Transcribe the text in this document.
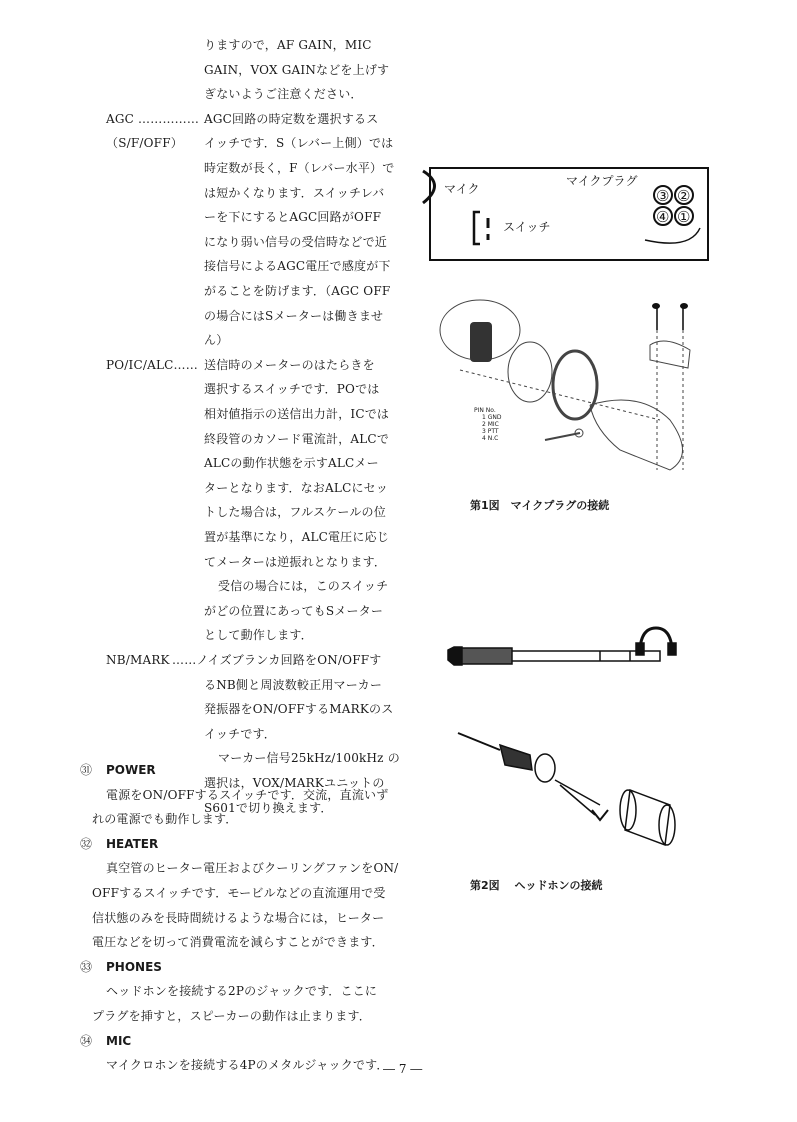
りますので，AF GAIN，MIC
GAIN，VOX GAINなどを上げす
ぎないようご注意ください．
AGC ……………
（S/F/OFF）
AGC回路の時定数を選択するス
イッチです．S（レバー上側）では
時定数が長く，F（レバー水平）で
は短かくなります．スイッチレバ
ーを下にするとAGC回路がOFF
になり弱い信号の受信時などで近
接信号によるAGC電圧で感度が下
がることを防げます．（AGC OFF
の場合にはSメーターは働きませ
ん）
PO/IC/ALC…… 送信時のメーターのはたらきを
選択するスイッチです．POでは
相対値指示の送信出力計，ICでは
終段管のカソード電流計，ALCで
ALCの動作状態を示すALCメー
ターとなります．なおALCにセッ
トした場合は，フルスケールの位
置が基準になり，ALC電圧に応じ
てメーターは逆振れとなります．
受信の場合には，このスイッチ
がどの位置にあってもSメーター
として動作します．
NB/MARK ……ノイズブランカ回路をON/OFFす
るNB側と周波数較正用マーカー
発振器をON/OFFするMARKのス
イッチです．
マーカー信号25kHz/100kHz の
選択は，VOX/MARKユニットの
S601で切り換えます．
㉛ POWER
電源をON/OFFするスイッチです．交流，直流いず
れの電源でも動作します．
㉜ HEATER
真空管のヒーター電圧およびクーリングファンをON/
OFFするスイッチです．モービルなどの直流運用で受
信状態のみを長時間続けるような場合には，ヒーター
電圧などを切って消費電流を減らすことができます．
㉝ PHONES
ヘッドホンを接続する2Pのジャックです．ここに
プラグを挿すと，スピーカーの動作は止まります．
㉞ MIC
マイクロホンを接続する4Pのメタルジャックです．
マイク
マイクプラグ
スイッチ
③ ②
④ ①
PIN No.
1 GND
2 MIC
3 PTT
4 N.C
第1図　マイクプラグの接続
第2図　 ヘッドホンの接続
― 7 ―
